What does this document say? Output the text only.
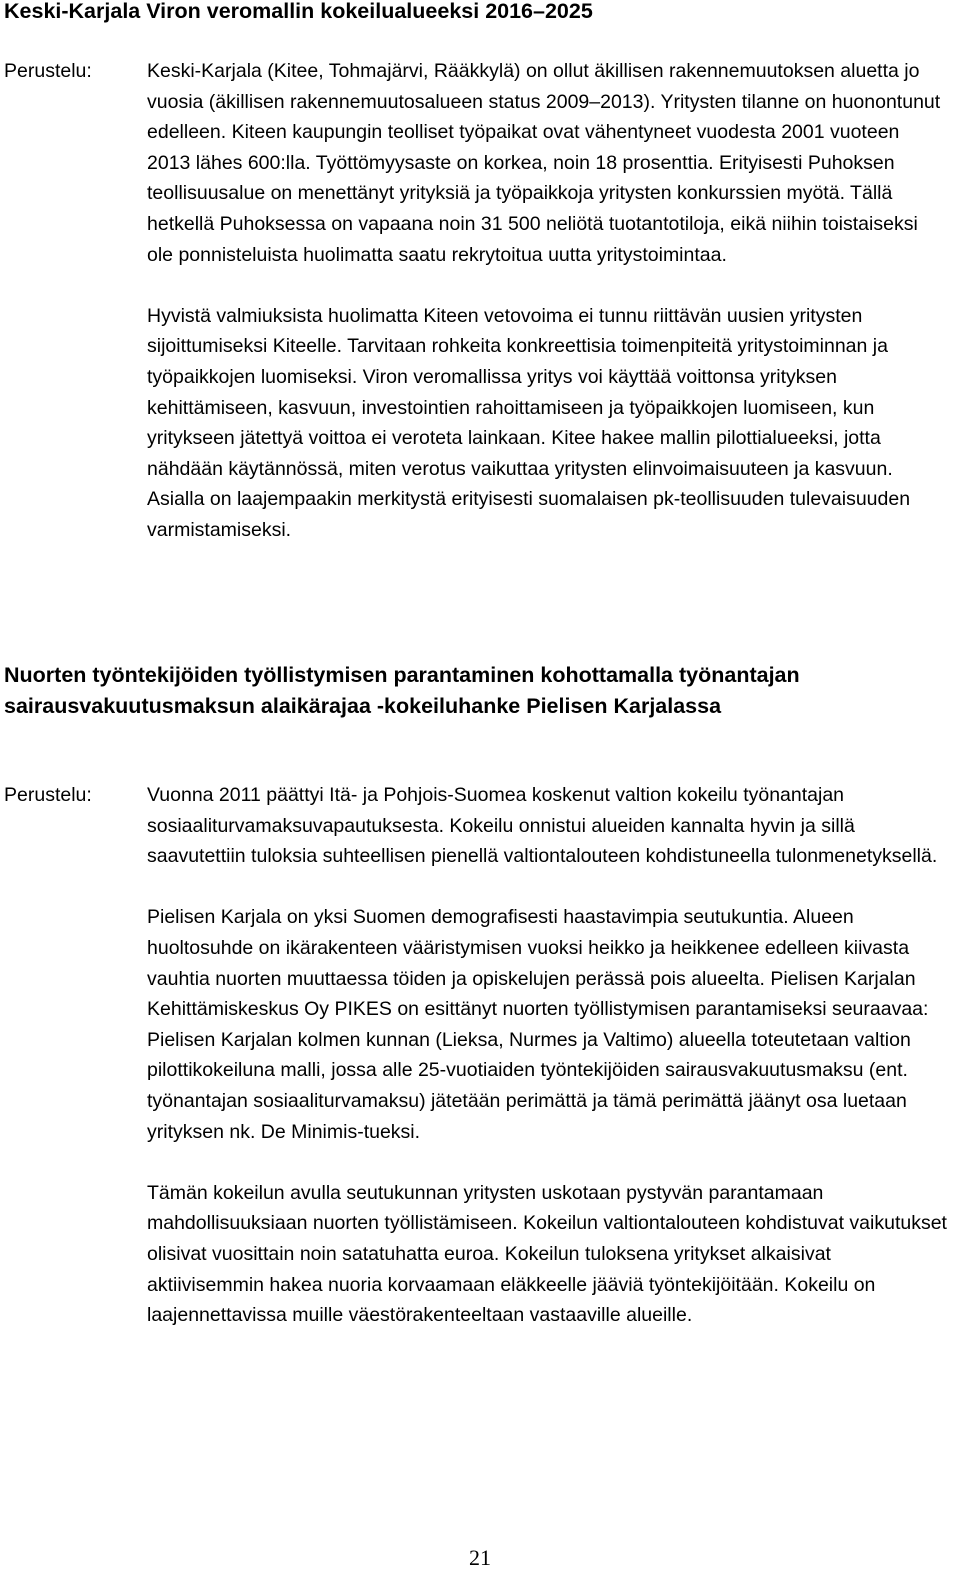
Keski-Karjala Viron veromallin kokeilualueeksi 2016–2025

Perustelu:	Keski-Karjala (Kitee, Tohmajärvi, Rääkkylä) on ollut äkillisen rakennemuutoksen aluetta jo vuosia (äkillisen rakennemuutosalueen status 2009–2013). Yritysten tilanne on huonontunut edelleen. Kiteen kaupungin teolliset työpaikat ovat vähentyneet vuodesta 2001 vuoteen 2013 lähes 600:lla. Työttömyysaste on korkea, noin 18 prosenttia. Erityisesti Puhoksen teollisuusalue on menettänyt yrityksiä ja työpaikkoja yritysten konkurssien myötä. Tällä hetkellä Puhoksessa on vapaana noin 31 500 neliötä tuotantotiloja, eikä niihin toistaiseksi ole ponnisteluista huolimatta saatu rekrytoitua uutta yritystoimintaa.

Hyvistä valmiuksista huolimatta Kiteen vetovoima ei tunnu riittävän uusien yritysten sijoittumiseksi Kiteelle. Tarvitaan rohkeita konkreettisia toimenpiteitä yritystoiminnan ja työpaikkojen luomiseksi. Viron veromallissa yritys voi käyttää voittonsa yrityksen kehittämiseen, kasvuun, investointien rahoittamiseen ja työpaikkojen luomiseen, kun yritykseen jätettyä voittoa ei veroteta lainkaan. Kitee hakee mallin pilottialueeksi, jotta nähdään käytännössä, miten verotus vaikuttaa yritysten elinvoimaisuuteen ja kasvuun. Asialla on laajempaakin merkitystä erityisesti suomalaisen pk-teollisuuden tulevaisuuden varmistamiseksi.

Nuorten työntekijöiden työllistymisen parantaminen kohottamalla työnantajan sairausvakuutusmaksun alaikärajaa -kokeiluhanke Pielisen Karjalassa

Perustelu:	Vuonna 2011 päättyi Itä- ja Pohjois-Suomea koskenut valtion kokeilu työnantajan sosiaaliturvamaksuvapautuksesta. Kokeilu onnistui alueiden kannalta hyvin ja sillä saavutettiin tuloksia suhteellisen pienellä valtiontalouteen kohdistuneella tulonmenetyksellä.

Pielisen Karjala on yksi Suomen demografisesti haastavimpia seutukuntia. Alueen huoltosuhde on ikärakenteen vääristymisen vuoksi heikko ja heikkenee edelleen kiivasta vauhtia nuorten muuttaessa töiden ja opiskelujen perässä pois alueelta. Pielisen Karjalan Kehittämiskeskus Oy PIKES on esittänyt nuorten työllistymisen parantamiseksi seuraavaa: Pielisen Karjalan kolmen kunnan (Lieksa, Nurmes ja Valtimo) alueella toteutetaan valtion pilottikokeiluna malli, jossa alle 25-vuotiaiden työntekijöiden sairausvakuutusmaksu (ent. työnantajan sosiaaliturvamaksu) jätetään perimättä ja tämä perimättä jäänyt osa luetaan yrityksen nk. De Minimis-tueksi.

Tämän kokeilun avulla seutukunnan yritysten uskotaan pystyvän parantamaan mahdollisuuksiaan nuorten työllistämiseen. Kokeilun valtiontalouteen kohdistuvat vaikutukset olisivat vuosittain noin satatuhatta euroa. Kokeilun tuloksena yritykset alkaisivat aktiivisemmin hakea nuoria korvaamaan eläkkeelle jääviä työntekijöitään. Kokeilu on laajennettavissa muille väestörakenteeltaan vastaaville alueille.

21
